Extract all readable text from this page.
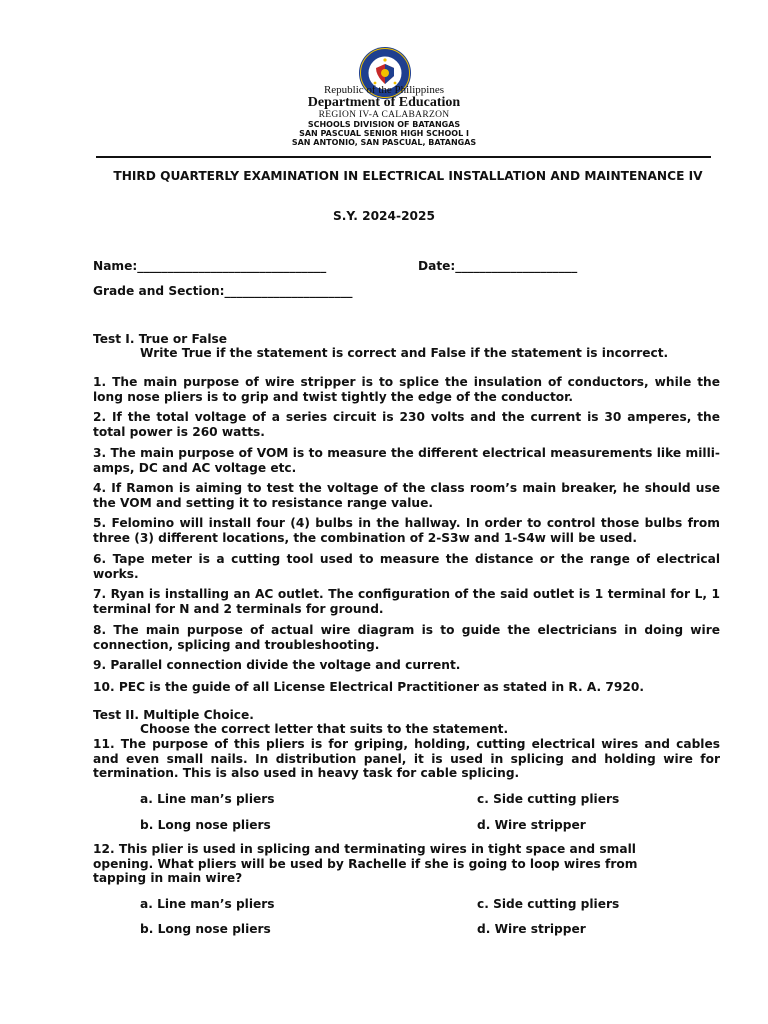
Republic of the Philippines
Department of Education
REGION IV-A CALABARZON
SCHOOLS DIVISION OF BATANGAS
SAN PASCUAL SENIOR HIGH SCHOOL I
SAN ANTONIO, SAN PASCUAL, BATANGAS
THIRD QUARTERLY EXAMINATION IN ELECTRICAL INSTALLATION AND MAINTENANCE IV
S.Y. 2024-2025
Name:_______________________________	Date:____________________
Grade and Section:_____________________
Test I. True or False
Write True if the statement is correct and False if the statement is incorrect.
1. The main purpose of wire stripper is to splice the insulation of conductors, while the long nose pliers is to grip and twist tightly the edge of the conductor.
2. If the total voltage of a series circuit is 230 volts and the current is 30 amperes, the total power is 260 watts.
3. The main purpose of VOM is to measure the different electrical measurements like milli-amps, DC and AC voltage etc.
4. If Ramon is aiming to test the voltage of the class room’s main breaker, he should use the VOM and setting it to resistance range value.
5. Felomino will install four (4) bulbs in the hallway. In order to control those bulbs from three (3) different locations, the combination of 2-S3w and 1-S4w will be used.
6. Tape meter is a cutting tool used to measure the distance or the range of electrical works.
7. Ryan is installing an AC outlet. The configuration of the said outlet is 1 terminal for L, 1 terminal for N and 2 terminals for ground.
8. The main purpose of actual wire diagram is to guide the electricians in doing wire connection, splicing and troubleshooting.
9. Parallel connection divide the voltage and current.
10. PEC is the guide of all License Electrical Practitioner as stated in R. A. 7920.
Test II. Multiple Choice.
Choose the correct letter that suits to the statement.
11. The purpose of this pliers is for griping, holding, cutting electrical wires and cables and even small nails. In distribution panel, it is used in splicing and holding wire for termination. This is also used in heavy task for cable splicing.
a. Line man’s pliers	c. Side cutting pliers
b. Long nose pliers	d. Wire stripper
12. This plier is used in splicing and terminating wires in tight space and small opening. What pliers will be used by Rachelle if she is going to loop wires from tapping in main wire?
a. Line man’s pliers	c. Side cutting pliers
b. Long nose pliers	d. Wire stripper
